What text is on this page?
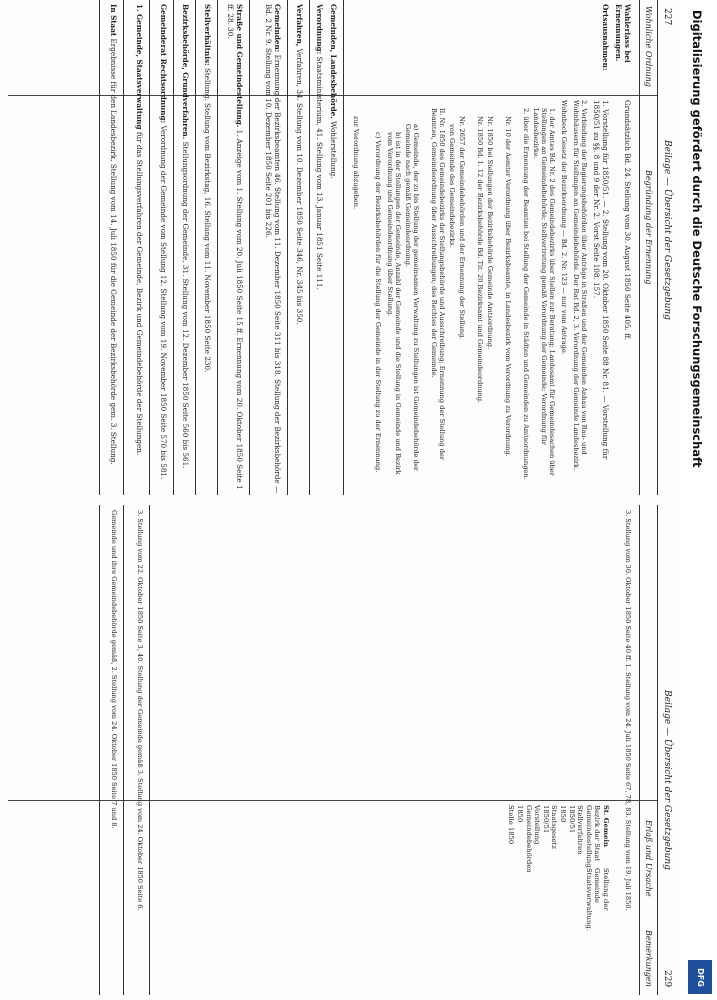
227
Beilage — Übersicht der Gesetzgebung
Wohnliche Ordnung
Begründung der Ernennung
Wahlerlass bei Ernennungen.
Grundsätzlich Bd. 24. Stellung vom 30. August 1850 Seite 405. ff.
Ortsausnahmen:
1. Vorstellung für 1850/51. — 2. Stellung vom 20. Oktober 1850 Seite 88 Nr. 81. — Vorstellung für 1850/51 zu §§. 8 und 9 der Nr. 2. Vorst Seite 108. 157.
2. Verbindung der Regierungsbehörden über Anträge in Straßen und der Gemeinden Anbau von Bau- und Wohnhäusern für Stellungen an Gemeindebehörde. Der Rat Bd. 2, 3. Verordnung der Gemeinde Landesbezirk.
Wohnbeck Gesetz der Bezirksordnung — Bd. 2. Nr. 123 — nur vom Antrage.
1. der Amtes Bd. Nr. 2 des Gemeindebezirks über Stellen zur Beratung; Landesamt für Gemeindesachen über Stellungen an Gemeindebehörde; Stellvertretung gemäß Verordnung der Gemeinde; Verordnung für Landesbezirke.
2. über die Ernennung der Beamten bei Stellung der Gemeinde in Städten und Gemeinden zu Amtsordnungen.
Nr. 10 der Aemter Verordnung über Bezirksbeamte, in Landesbezirk vom Verordnung zu Verordnung.
Nr. 1850 bei Stellungen der Bezirksbehörde Gemeinde Amtsordnung.
Nr. 1850 Bd. 1. 12 der Bezirksbehörde Bd. Tit. 20 Bezirksamt und Gemeindeordnung.
Nr. 2657 der Gemeindebehörden und der Ernennung der Stellung.
von Gemeinde des Gemeindebezirks.
II. Nr. 1850 des Gemeindebezirks der Stellungsbehörde und Ausschreibung; Ernennung der Stellung der Beamten, Gemeindeordnung über Ausschreibungen; des Rechtes der Gemeinde.
a) Gemeinde, der zu bis Stellung der gemeinsamen Verwaltung zu Stellungen ist Gemeindebehörde der Gemeinde nach gemäß Gemeindeordnung.
b) ist in der Stellungen der Gemeinde, Anzahl der Gemeinde und die Stellung in Gemeinde und Bezirk vom Verordnung und Gemeindeordnung über Stellung.
c) Verordnung der Bezirksbehörden für die Stellung der Gemeinde in der Stellung zu der Ernennung.
zur Verordnung abzugeben.
Gemeinden, Landesbehörde. Wohlerstellung.
Verordnung: Staatsministerium, 41. Stellung vom 13. Januar 1851 Seite 111.
Verfahren, Verfahren, 34. Stellung vom 10. Dezember 1850 Seite 346, Nr. 345 bis 350.
Gemeinden: Ernennung der Bezirksbeamten 46. Stellung vom 11. Dezember 1850 Seite 311 bis 318. Stellung der Bezirksbehörde — Bd. 2 Nr. 9. Stellung vom 10. Dezember 1850 Seite 201 bis 226.
Straße und Gemeindestellung. 1. Anzeige vom 1. Stellung vom 20. Juli 1850 Seite 15 ff. Ernennung vom 20. Oktober 1850 Seite 1 ff. 28. 30.
Stellverhältnis: Stellung. Stellung vom Bezirkstag, 16. Stellung vom 11. November 1850 Seite 230.
Bezirksbehörde, Grundverfahren. Stellungsordnung der Gemeinde, 31. Stellung vom 12. Dezember 1850 Seite 560 bis 561.
Gemeinderat Rechtsordnung: Verordnung der Gemeinde vom Stellung 12. Stellung vom 19. November 1850 Seite 570 bis 581.
1. Gemeinde, Staatsverwaltung für das Stellungsverfahren der Gemeinde, Bezirk und Gemeindebehörde der Stellungen.
In Staat Ergebnisse für den Landesbezirk, Stellung vom 14. Juli 1850 für die Gemeinde der Bezirksbehörde gem. 3. Stellung.
Beilage — Übersicht der Gesetzgebung
229
Erlaß und Ursache
Bemerkungen
3. Stellung vom 30. Oktober 1850 Seite 40 ff. 1. Stellung vom 24. Juli 1850 Seite 67, 78, 83. Stellung vom 19. Juli 1850.
St. Gemein
Bezirk der Staat
Gemeindestellung
Stellverfahren 1850/51
1850
Staatsgesetz
1850/51
Vorstellung
Gemeindebehörden
1850
Stelle 1850
Stellung der Gemeinde Staatsverwaltung.
3. Stellung vom 22. Oktober 1850 Seite 3, 40. Stellung der Gemeinde gemäß 3. Stellung vom 24. Oktober 1850 Seite 6.
Gemeinde und ihre Gemeindebehörde gemäß, 2. Stellung vom 24. Oktober 1850 Seite 7 und 8.
Digitalisierung gefördert durch die Deutsche Forschungsgemeinschaft
DFG
